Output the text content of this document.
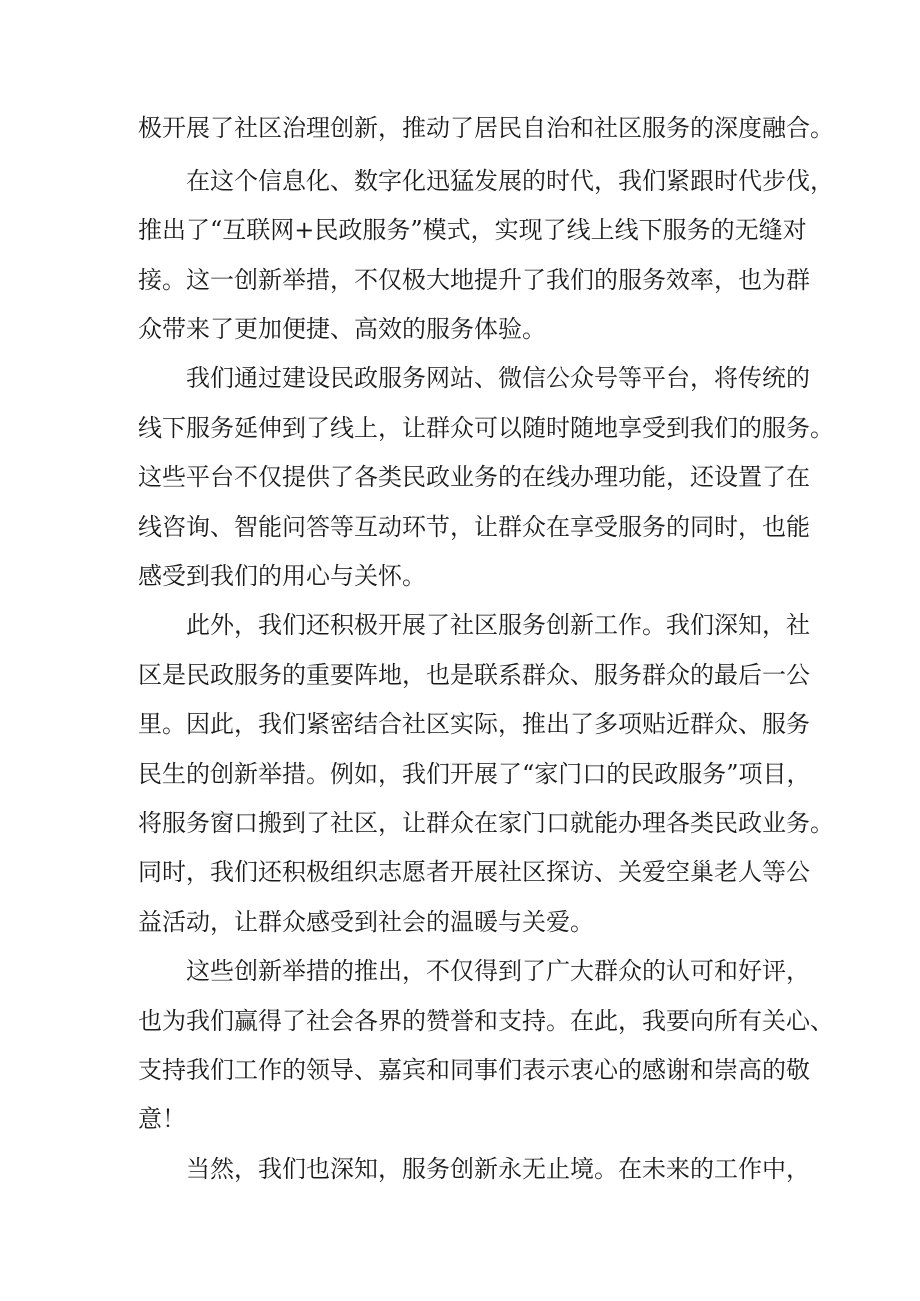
极开展了社区治理创新，推动了居民自治和社区服务的深度融合。
在这个信息化、数字化迅猛发展的时代，我们紧跟时代步伐，
推出了“互联网+民政服务”模式，实现了线上线下服务的无缝对
接。这一创新举措，不仅极大地提升了我们的服务效率，也为群
众带来了更加便捷、高效的服务体验。
我们通过建设民政服务网站、微信公众号等平台，将传统的
线下服务延伸到了线上，让群众可以随时随地享受到我们的服务。
这些平台不仅提供了各类民政业务的在线办理功能，还设置了在
线咨询、智能问答等互动环节，让群众在享受服务的同时，也能
感受到我们的用心与关怀。
此外，我们还积极开展了社区服务创新工作。我们深知，社
区是民政服务的重要阵地，也是联系群众、服务群众的最后一公
里。因此，我们紧密结合社区实际，推出了多项贴近群众、服务
民生的创新举措。例如，我们开展了“家门口的民政服务”项目，
将服务窗口搬到了社区，让群众在家门口就能办理各类民政业务。
同时，我们还积极组织志愿者开展社区探访、关爱空巢老人等公
益活动，让群众感受到社会的温暖与关爱。
这些创新举措的推出，不仅得到了广大群众的认可和好评，
也为我们赢得了社会各界的赞誉和支持。在此，我要向所有关心、
支持我们工作的领导、嘉宾和同事们表示衷心的感谢和崇高的敬
意！
当然，我们也深知，服务创新永无止境。在未来的工作中，
